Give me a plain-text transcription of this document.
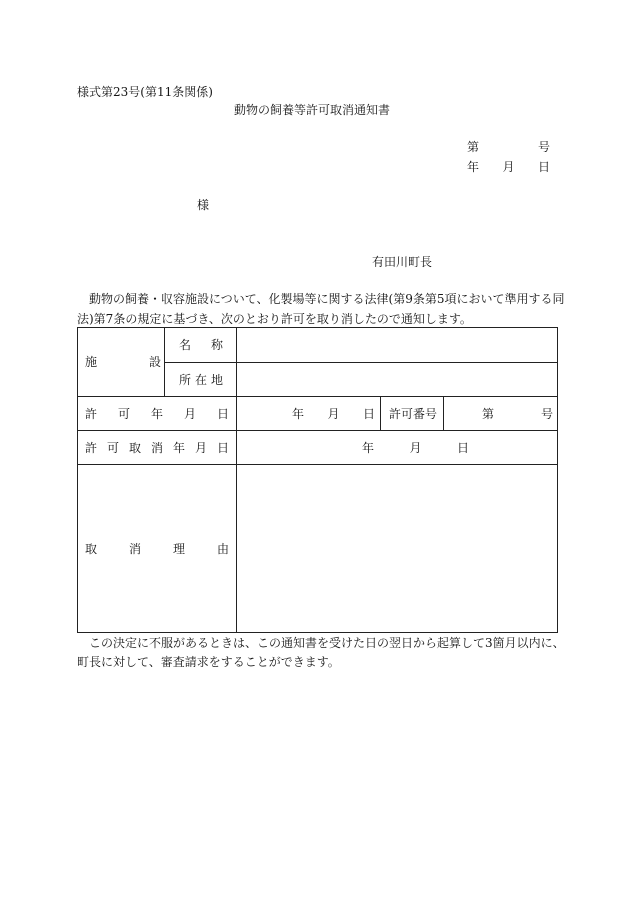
様式第23号(第11条関係)
動物の飼養等許可取消通知書
第 号
年 月 日
様
有田川町長
動物の飼養・収容施設について、化製場等に関する法律(第9条第5項において準用する同
法)第7条の規定に基づき、次のとおり許可を取り消したので通知します。
施 設	名 称			

	所 在 地			

許 可 年 月 日		年 月 日	許可番号	第 号

許 可 取 消 年 月 日		年 月 日		

取 消 理 由				

この決定に不服があるときは、この通知書を受けた日の翌日から起算して3箇月以内に、
町長に対して、審査請求をすることができます。
